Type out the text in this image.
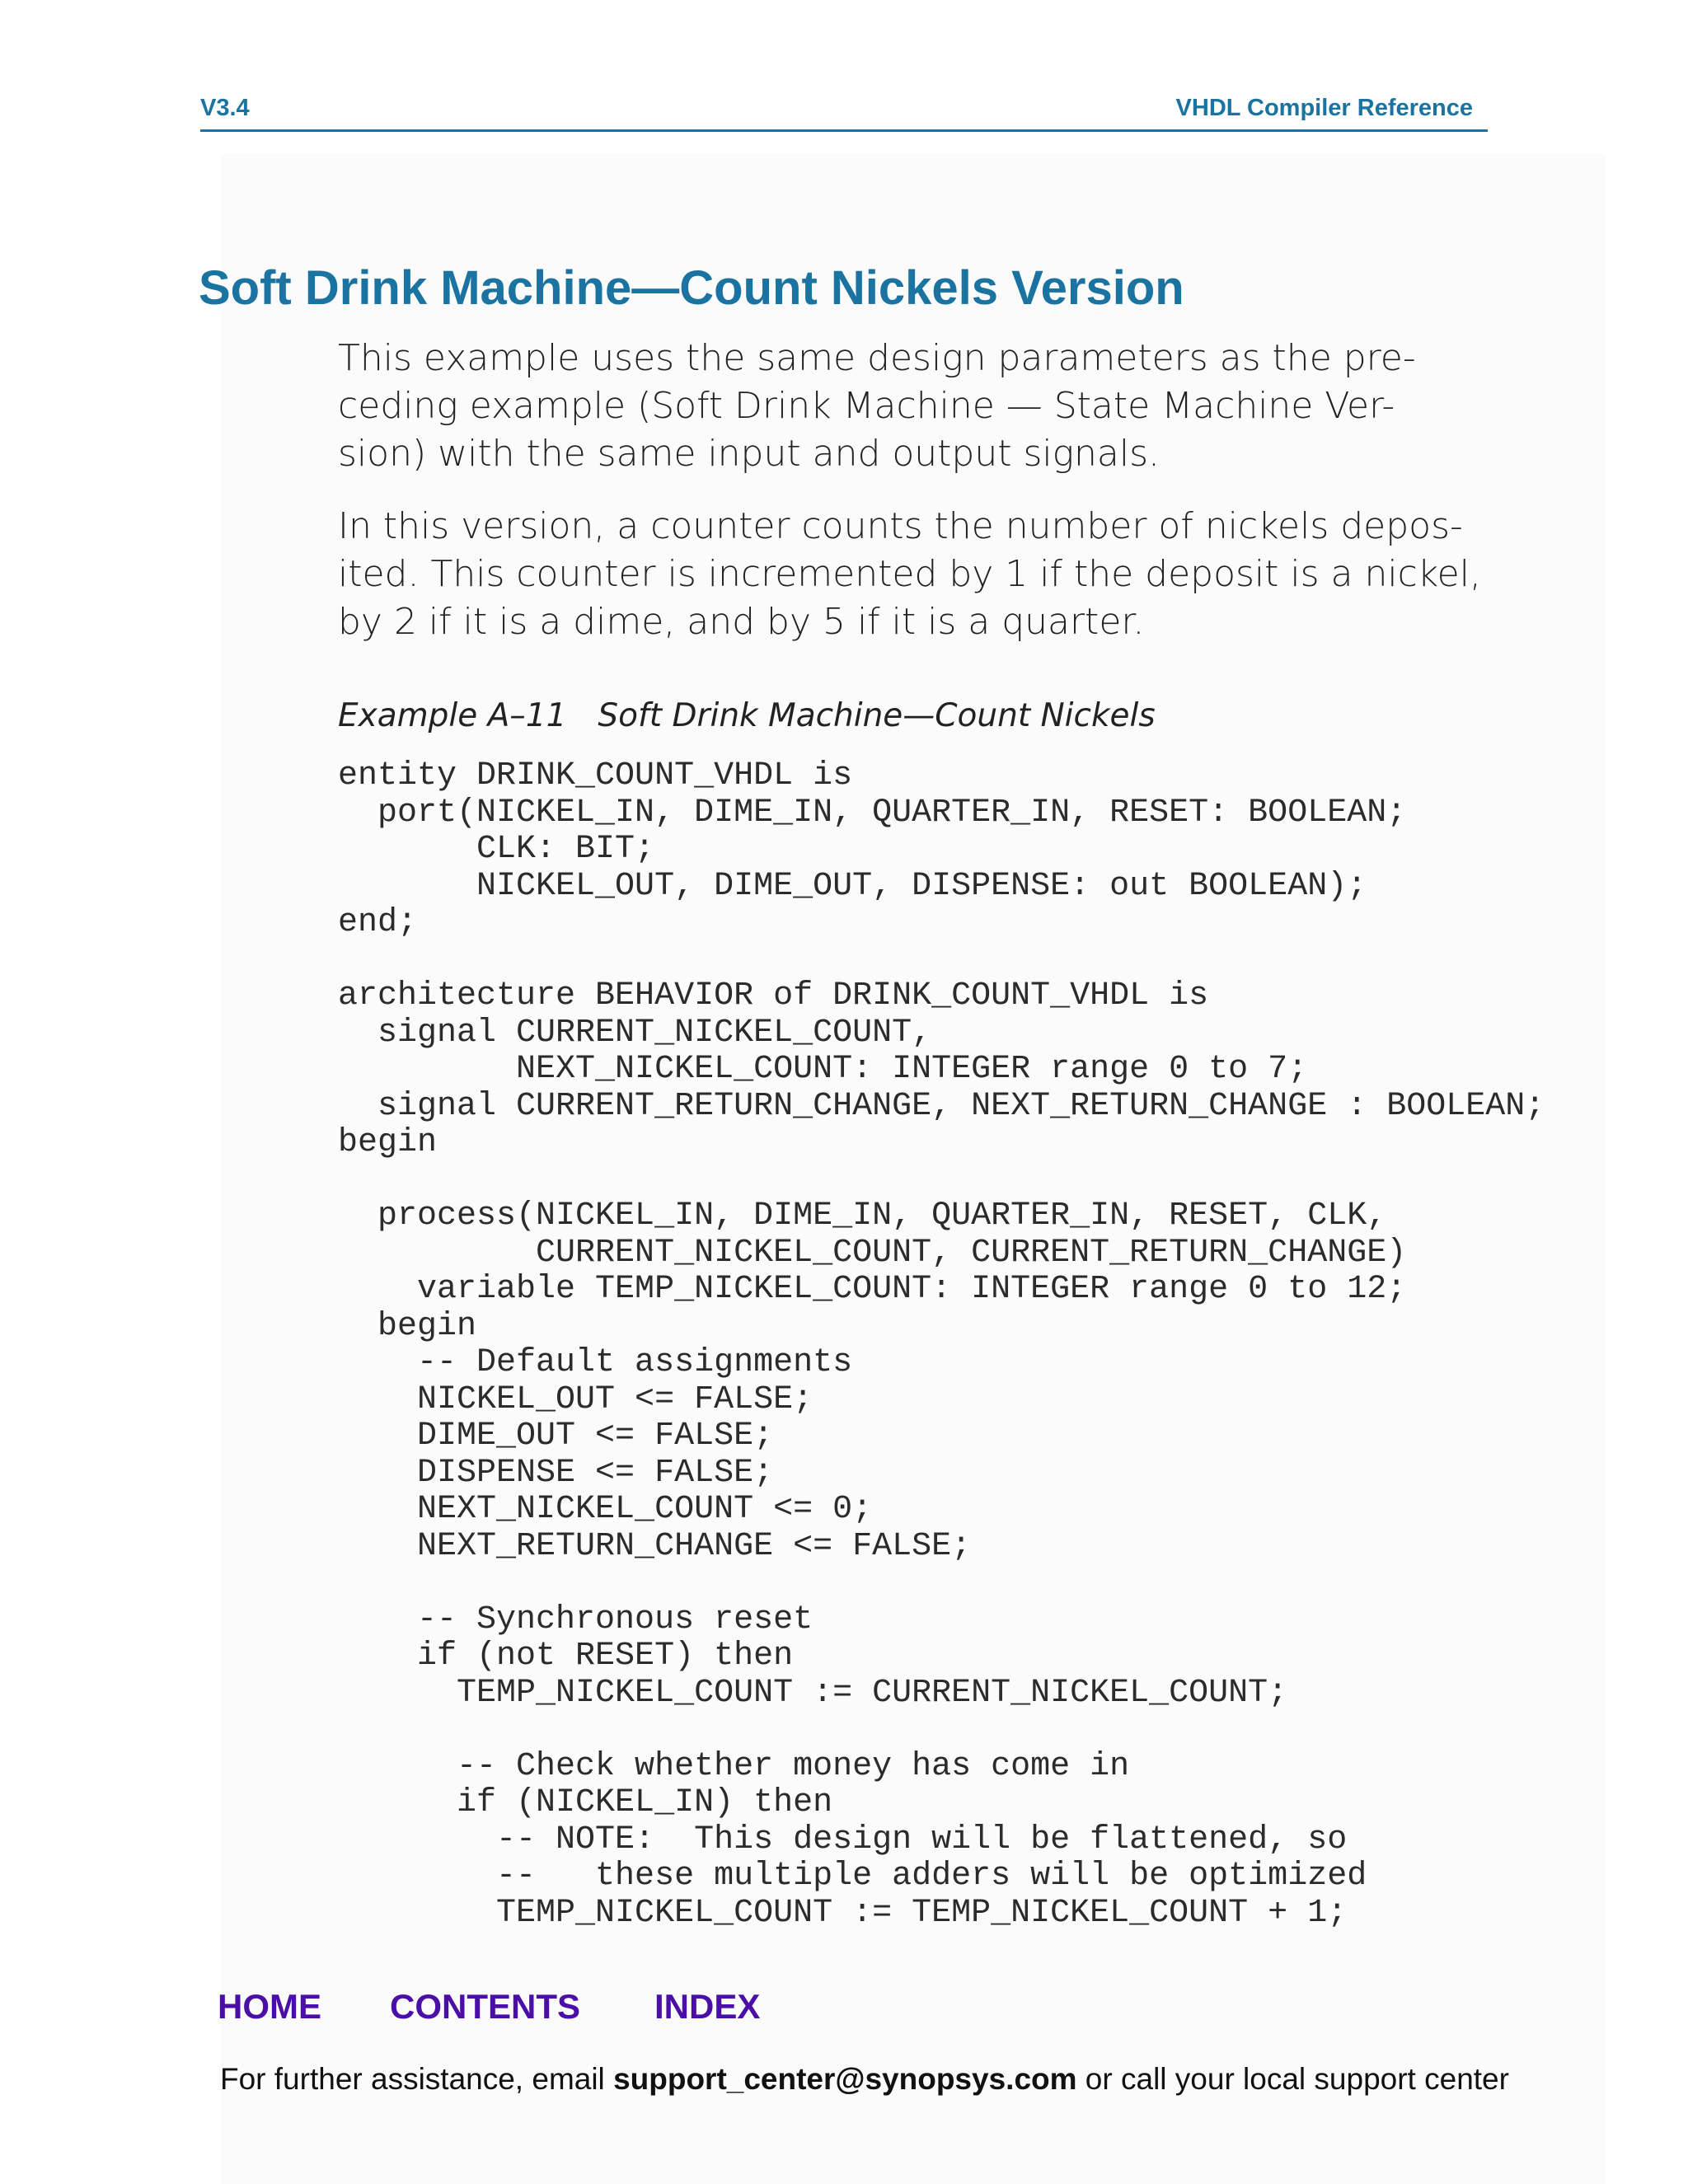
V3.4	VHDL Compiler Reference
Soft Drink Machine—Count Nickels Version

This example uses the same design parameters as the pre-
ceding example (Soft Drink Machine — State Machine Ver-
sion) with the same input and output signals.

In this version, a counter counts the number of nickels depos-
ited. This counter is incremented by 1 if the deposit is a nickel,
by 2 if it is a dime, and by 5 if it is a quarter.

Example A–11 Soft Drink Machine—Count Nickels

entity DRINK_COUNT_VHDL is
port(NICKEL_IN, DIME_IN, QUARTER_IN, RESET: BOOLEAN;
CLK: BIT;
NICKEL_OUT, DIME_OUT, DISPENSE: out BOOLEAN);
end;
architecture BEHAVIOR of DRINK_COUNT_VHDL is
signal CURRENT_NICKEL_COUNT,
NEXT_NICKEL_COUNT: INTEGER range 0 to 7;
signal CURRENT_RETURN_CHANGE, NEXT_RETURN_CHANGE : BOOLEAN;
begin
process(NICKEL_IN, DIME_IN, QUARTER_IN, RESET, CLK,
CURRENT_NICKEL_COUNT, CURRENT_RETURN_CHANGE)
variable TEMP_NICKEL_COUNT: INTEGER range 0 to 12;
begin
-- Default assignments
NICKEL_OUT <= FALSE;
DIME_OUT <= FALSE;
DISPENSE <= FALSE;
NEXT_NICKEL_COUNT <= 0;
NEXT_RETURN_CHANGE <= FALSE;
-- Synchronous reset
if (not RESET) then
TEMP_NICKEL_COUNT := CURRENT_NICKEL_COUNT;
-- Check whether money has come in
if (NICKEL_IN) then
-- NOTE:  This design will be flattened, so
--   these multiple adders will be optimized
TEMP_NICKEL_COUNT := TEMP_NICKEL_COUNT + 1;
HOME CONTENTS INDEX
For further assistance, email support_center@synopsys.com or call your local support center
